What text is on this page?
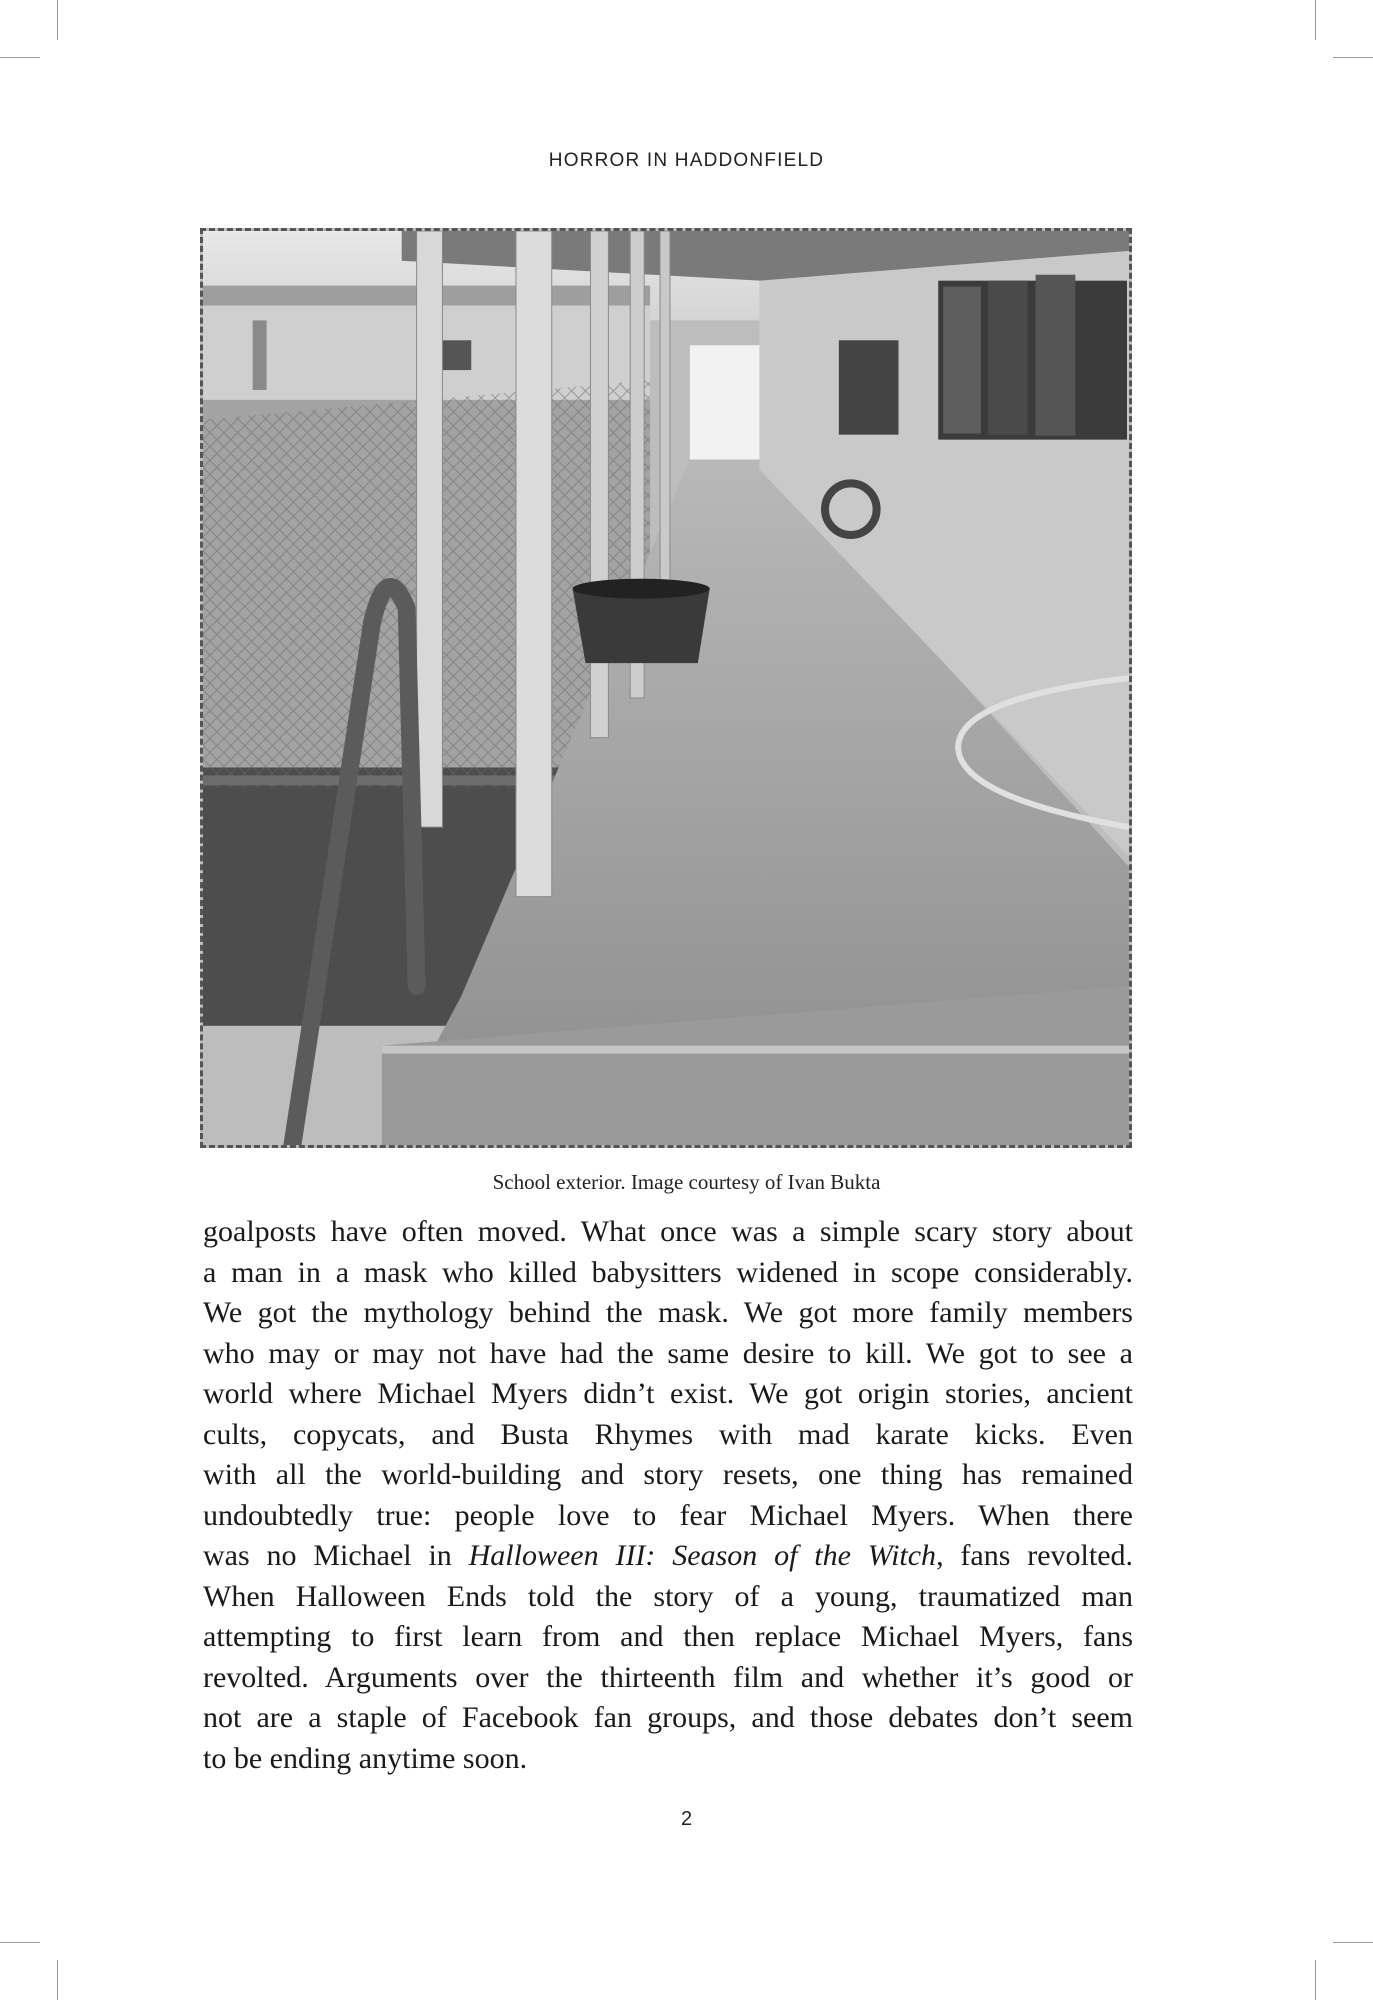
HORROR IN HADDONFIELD
School exterior. Image courtesy of Ivan Bukta
goalposts have often moved. What once was a simple scary story about
a man in a mask who killed babysitters widened in scope considerably.
We got the mythology behind the mask. We got more family members
who may or may not have had the same desire to kill. We got to see a
world where Michael Myers didn’t exist. We got origin stories, ancient
cults, copycats, and Busta Rhymes with mad karate kicks. Even
with all the world-building and story resets, one thing has remained
undoubtedly true: people love to fear Michael Myers. When there
was no Michael in Halloween III: Season of the Witch, fans revolted.
When Halloween Ends told the story of a young, traumatized man
attempting to first learn from and then replace Michael Myers, fans
revolted. Arguments over the thirteenth film and whether it’s good or
not are a staple of Facebook fan groups, and those debates don’t seem
to be ending anytime soon.
2
